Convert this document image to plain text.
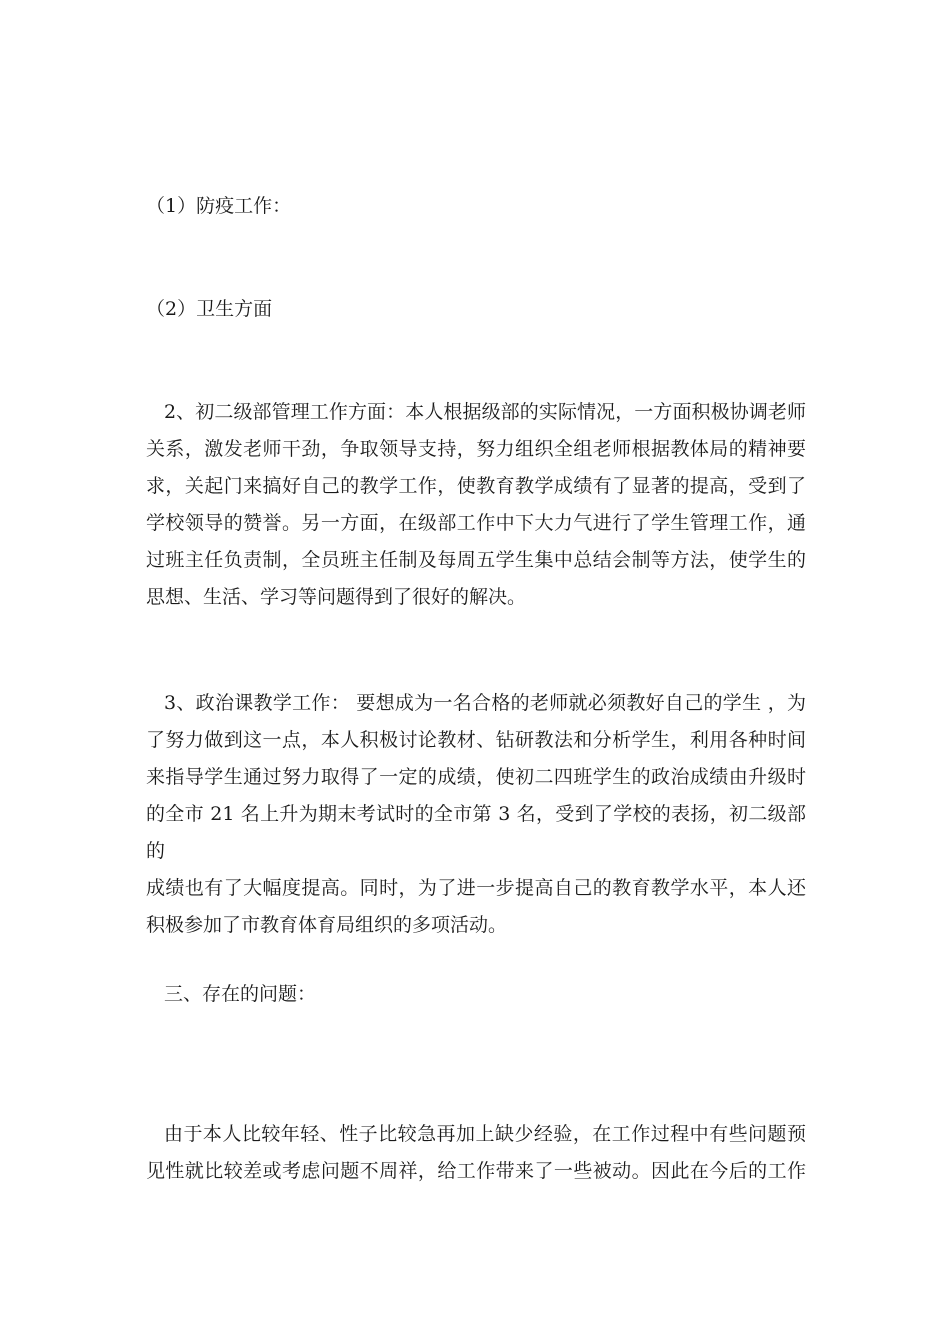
（1）防疫工作：

（2）卫生方面

2、初二级部管理工作方面：本人根据级部的实际情况，一方面积极协调老师
关系，激发老师干劲，争取领导支持，努力组织全组老师根据教体局的精神要
求，关起门来搞好自己的教学工作，使教育教学成绩有了显著的提高，受到了
学校领导的赞誉。另一方面，在级部工作中下大力气进行了学生管理工作，通
过班主任负责制，全员班主任制及每周五学生集中总结会制等方法，使学生的
思想、生活、学习等问题得到了很好的解决。

3、政治课教学工作： 要想成为一名合格的老师就必须教好自己的学生 ，为
了努力做到这一点，本人积极讨论教材、钻研教法和分析学生，利用各种时间
来指导学生通过努力取得了一定的成绩，使初二四班学生的政治成绩由升级时
的全市 21 名上升为期末考试时的全市第 3 名，受到了学校的表扬，初二级部的
成绩也有了大幅度提高。同时，为了进一步提高自己的教育教学水平，本人还
积极参加了市教育体育局组织的多项活动。

三、存在的问题：

由于本人比较年轻、性子比较急再加上缺少经验，在工作过程中有些问题预
见性就比较差或考虑问题不周祥，给工作带来了一些被动。因此在今后的工作
